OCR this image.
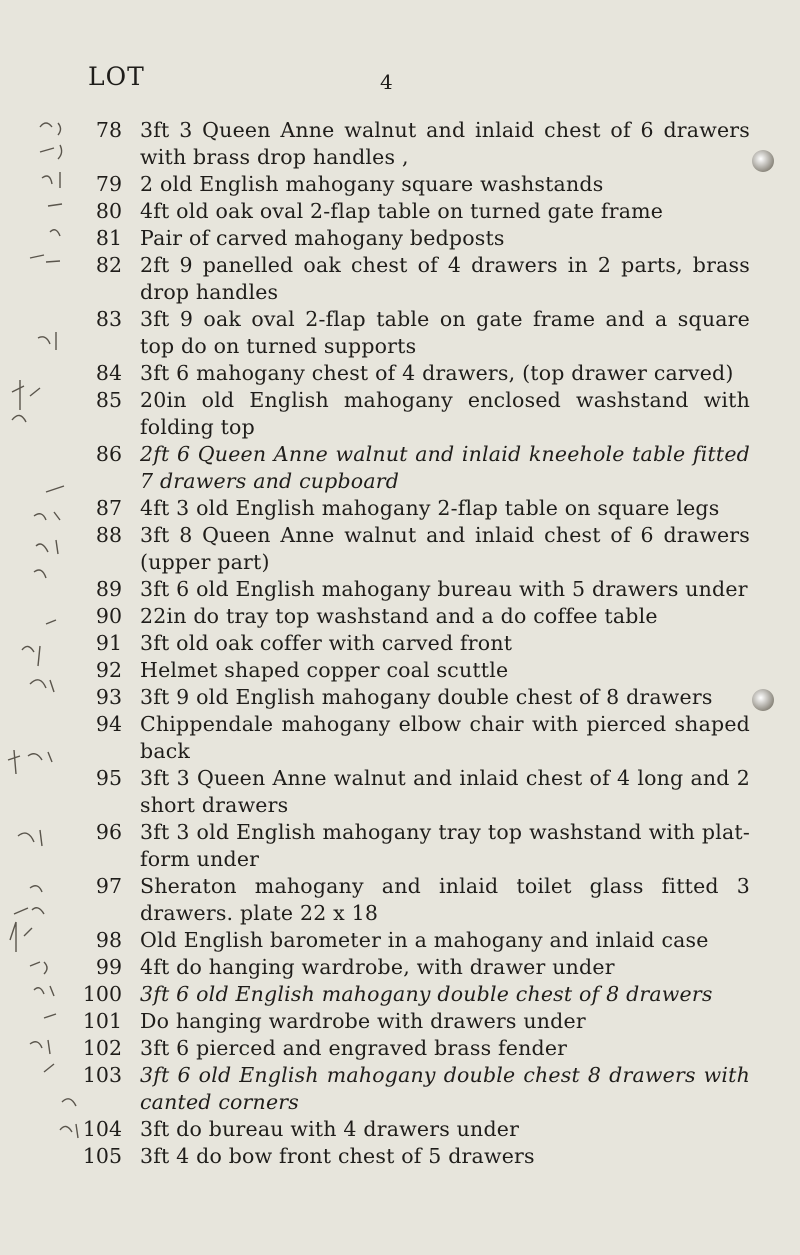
LOT	4
78 3ft 3 Queen Anne walnut and inlaid chest of 6 drawers with brass drop handles ,
79 2 old English mahogany square washstands
80 4ft old oak oval 2-flap table on turned gate frame
81 Pair of carved mahogany bedposts
82 2ft 9 panelled oak chest of 4 drawers in 2 parts, brass drop handles
83 3ft 9 oak oval 2-flap table on gate frame and a square top do on turned supports
84 3ft 6 mahogany chest of 4 drawers, (top drawer carved)
85 20in old English mahogany enclosed washstand with folding top
86 2ft 6 Queen Anne walnut and inlaid kneehole table fitted 7 drawers and cupboard
87 4ft 3 old English mahogany 2-flap table on square legs
88 3ft 8 Queen Anne walnut and inlaid chest of 6 drawers (upper part)
89 3ft 6 old English mahogany bureau with 5 drawers under
90 22in do tray top washstand and a do coffee table
91 3ft old oak coffer with carved front
92 Helmet shaped copper coal scuttle
93 3ft 9 old English mahogany double chest of 8 drawers
94 Chippendale mahogany elbow chair with pierced shaped back
95 3ft 3 Queen Anne walnut and inlaid chest of 4 long and 2 short drawers
96 3ft 3 old English mahogany tray top washstand with plat-form under
97 Sheraton mahogany and inlaid toilet glass fitted 3 drawers. plate 22 x 18
98 Old English barometer in a mahogany and inlaid case
99 4ft do hanging wardrobe, with drawer under
100 3ft 6 old English mahogany double chest of 8 drawers
101 Do hanging wardrobe with drawers under
102 3ft 6 pierced and engraved brass fender
103 3ft 6 old English mahogany double chest 8 drawers with canted corners
104 3ft do bureau with 4 drawers under
105 3ft 4 do bow front chest of 5 drawers
